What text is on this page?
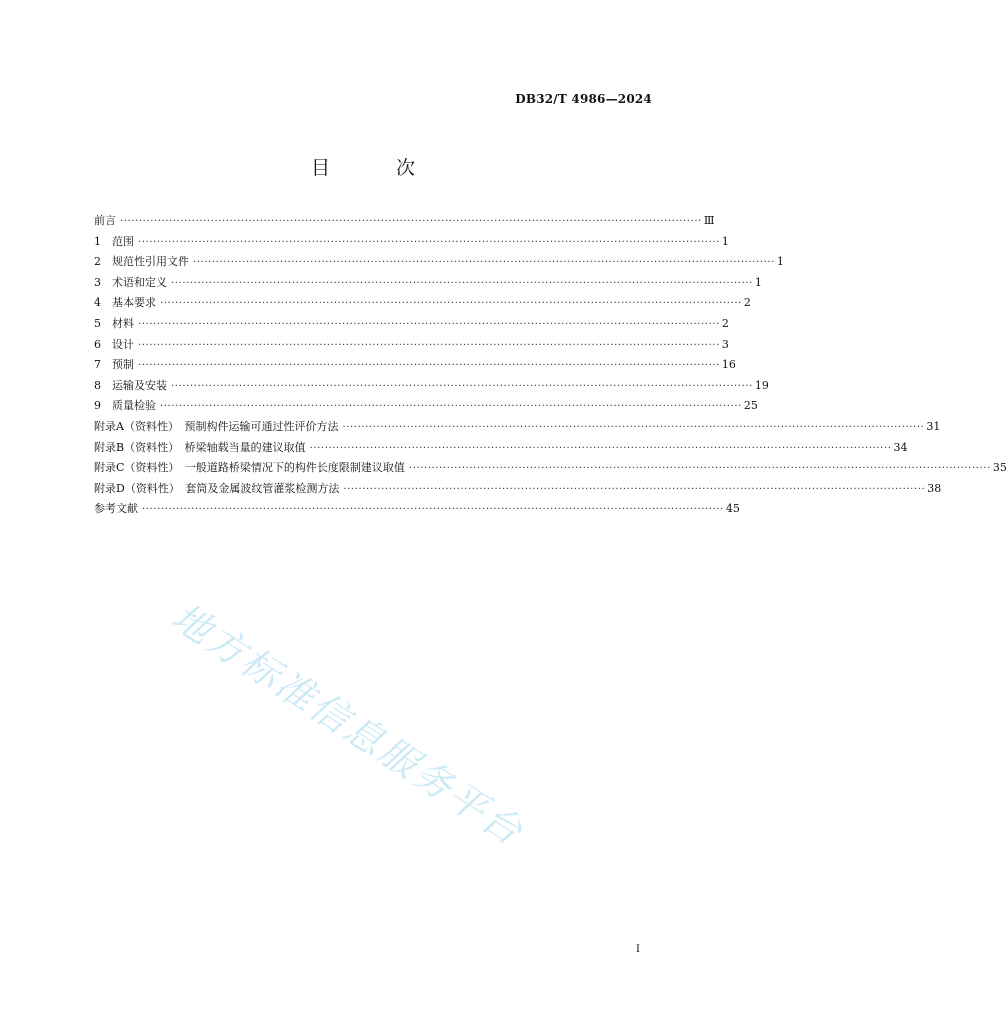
DB32/T 4986—2024
目 次
前言 ·························································································································································· Ⅲ
1　范围 ·························································································································································· 1
2　规范性引用文件 ·························································································································································· 1
3　术语和定义 ·························································································································································· 1
4　基本要求 ·························································································································································· 2
5　材料 ·························································································································································· 2
6　设计 ·························································································································································· 3
7　预制 ·························································································································································· 16
8　运输及安装 ·························································································································································· 19
9　质量检验 ·························································································································································· 25
附录A（资料性）　预制构件运输可通过性评价方法 ·························································································································································· 31
附录B（资料性）　桥梁轴载当量的建议取值 ·························································································································································· 34
附录C（资料性）　一般道路桥梁情况下的构件长度限制建议取值 ·························································································································································· 35
附录D（资料性）　套筒及金属波纹管灌浆检测方法 ·························································································································································· 38
参考文献 ·························································································································································· 45
地方标准信息服务平台
I
